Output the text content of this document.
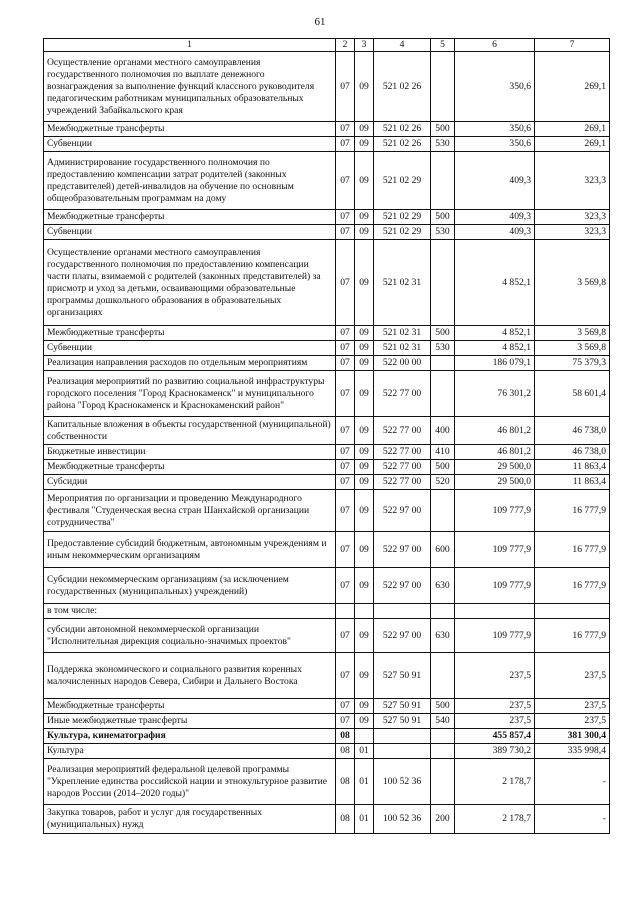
61
1	2	3	4	5	6	7
Осуществление органами местного самоуправления государственного полномочия по выплате денежного вознаграждения за выполнение функций классного руководителя педагогическим работникам муниципальных образовательных учреждений Забайкальского края	07	09	521 02 26		350,6	269,1
Межбюджетные трансферты	07	09	521 02 26	500	350,6	269,1
Субвенции	07	09	521 02 26	530	350,6	269,1
Администрирование государственного полномочия по предоставлению компенсации затрат родителей (законных представителей) детей-инвалидов на обучение по основным общеобразовательным программам на дому	07	09	521 02 29		409,3	323,3
Межбюджетные трансферты	07	09	521 02 29	500	409,3	323,3
Субвенции	07	09	521 02 29	530	409,3	323,3
Осуществление органами местного самоуправления государственного полномочия по предоставлению компенсации части платы, взимаемой с родителей (законных представителей) за присмотр и уход за детьми, осваивающими образовательные программы дошкольного образования в образовательных организациях	07	09	521 02 31		4 852,1	3 569,8
Межбюджетные трансферты	07	09	521 02 31	500	4 852,1	3 569,8
Субвенции	07	09	521 02 31	530	4 852,1	3 569,8
Реализация направления расходов по отдельным мероприятиям	07	09	522 00 00		186 079,1	75 379,3
Реализация мероприятий по развитию социальной инфраструктуры городского поселения "Город Краснокаменск" и муниципального района "Город Краснокаменск и Краснокаменский район"	07	09	522 77 00		76 301,2	58 601,4
Капитальные вложения в объекты государственной (муниципальной) собственности	07	09	522 77 00	400	46 801,2	46 738,0
Бюджетные инвестиции	07	09	522 77 00	410	46 801,2	46 738,0
Межбюджетные трансферты	07	09	522 77 00	500	29 500,0	11 863,4
Субсидии	07	09	522 77 00	520	29 500,0	11 863,4
Мероприятия по организации и проведению Международного фестиваля "Студенческая весна стран Шанхайской организации сотрудничества"	07	09	522 97 00		109 777,9	16 777,9
Предоставление субсидий бюджетным, автономным учреждениям и иным некоммерческим организациям	07	09	522 97 00	600	109 777,9	16 777,9
Субсидии некоммерческим организациям (за исключением государственных (муниципальных) учреждений)	07	09	522 97 00	630	109 777,9	16 777,9
в том числе:						
субсидии автономной некоммерческой организации "Исполнительная дирекция социально-значимых проектов"	07	09	522 97 00	630	109 777,9	16 777,9
Поддержка экономического и социального развития коренных малочисленных народов Севера, Сибири и Дальнего Востока	07	09	527 50 91		237,5	237,5
Межбюджетные трансферты	07	09	527 50 91	500	237,5	237,5
Иные межбюджетные трансферты	07	09	527 50 91	540	237,5	237,5
Культура, кинематография	08				455 857,4	381 300,4
Культура	08	01			389 730,2	335 998,4
Реализация мероприятий федеральной целевой программы "Укрепление единства российской нации и этнокультурное развитие народов России (2014–2020 годы)"	08	01	100 52 36		2 178,7	-
Закупка товаров, работ и услуг для государственных (муниципальных) нужд	08	01	100 52 36	200	2 178,7	-
